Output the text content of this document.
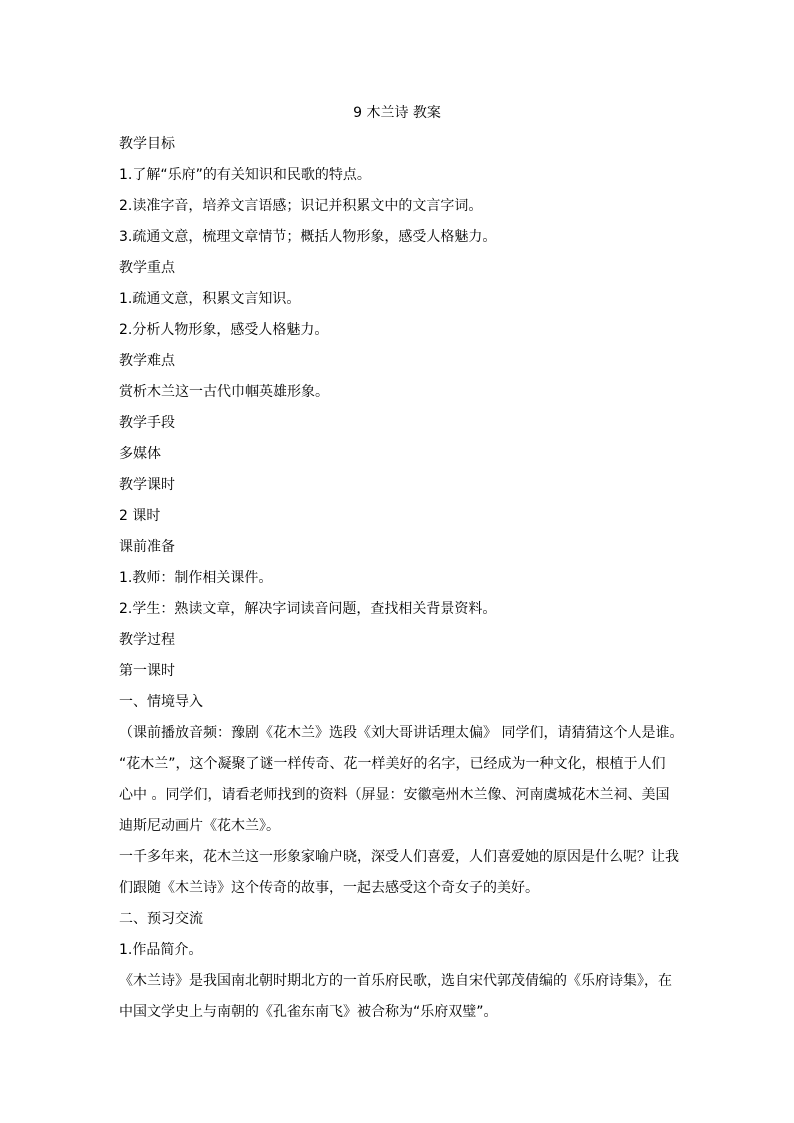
9 木兰诗 教案
教学目标
1.了解“乐府”的有关知识和民歌的特点。
2.读准字音，培养文言语感；识记并积累文中的文言字词。
3.疏通文意，梳理文章情节；概括人物形象，感受人格魅力。
教学重点
1.疏通文意，积累文言知识。
2.分析人物形象，感受人格魅力。
教学难点
赏析木兰这一古代巾帼英雄形象。
教学手段
多媒体
教学课时
2 课时
课前准备
1.教师：制作相关课件。
2.学生：熟读文章，解决字词读音问题，查找相关背景资料。
教学过程
第一课时
一、情境导入
（课前播放音频：豫剧《花木兰》选段《刘大哥讲话理太偏》 同学们，请猜猜这个人是谁。
“花木兰”，这个凝聚了谜一样传奇、花一样美好的名字，已经成为一种文化，根植于人们
心中 。同学们，请看老师找到的资料（屏显：安徽亳州木兰像、河南虞城花木兰祠、美国
迪斯尼动画片《花木兰》。
一千多年来，花木兰这一形象家喻户晓，深受人们喜爱，人们喜爱她的原因是什么呢？让我
们跟随《木兰诗》这个传奇的故事，一起去感受这个奇女子的美好。
二、预习交流
1.作品简介。
《木兰诗》是我国南北朝时期北方的一首乐府民歌，选自宋代郭茂倩编的《乐府诗集》，在
中国文学史上与南朝的《孔雀东南飞》被合称为“乐府双璧”。
